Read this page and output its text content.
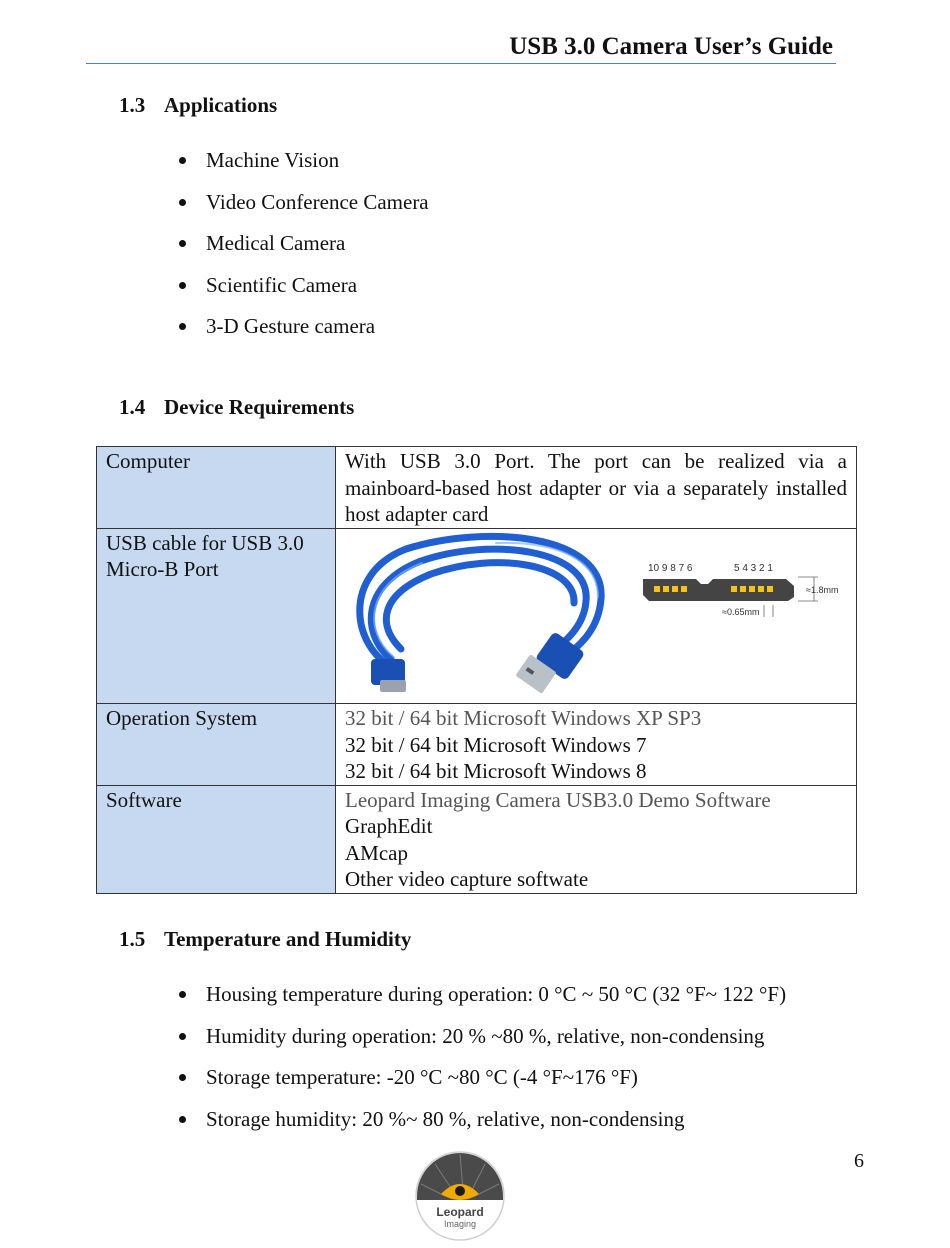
USB 3.0 Camera User’s Guide
1.3 Applications
Machine Vision
Video Conference Camera
Medical Camera
Scientific Camera
3-D Gesture camera
1.4 Device Requirements
Computer	With USB 3.0 Port. The port can be realized via a mainboard-based host adapter or via a separately installed host adapter card
USB cable for USB 3.0 Micro-B Port	10 9 8 7 6 5 4 3 2 1
≈1.8mm
≈0.65mm

Operation System	32 bit / 64 bit Microsoft Windows XP SP3
32 bit / 64 bit Microsoft Windows 7
32 bit / 64 bit Microsoft Windows 8

Software	Leopard Imaging Camera USB3.0 Demo Software
GraphEdit
AMcap
Other video capture softwate
1.5 Temperature and Humidity
Housing temperature during operation: 0 °C ~ 50 °C (32 °F~ 122 °F)
Humidity during operation: 20 % ~80 %, relative, non-condensing
Storage temperature: -20 °C ~80 °C (-4 °F~176 °F)
Storage humidity: 20 %~ 80 %, relative, non-condensing
6
Leopard
Imaging
